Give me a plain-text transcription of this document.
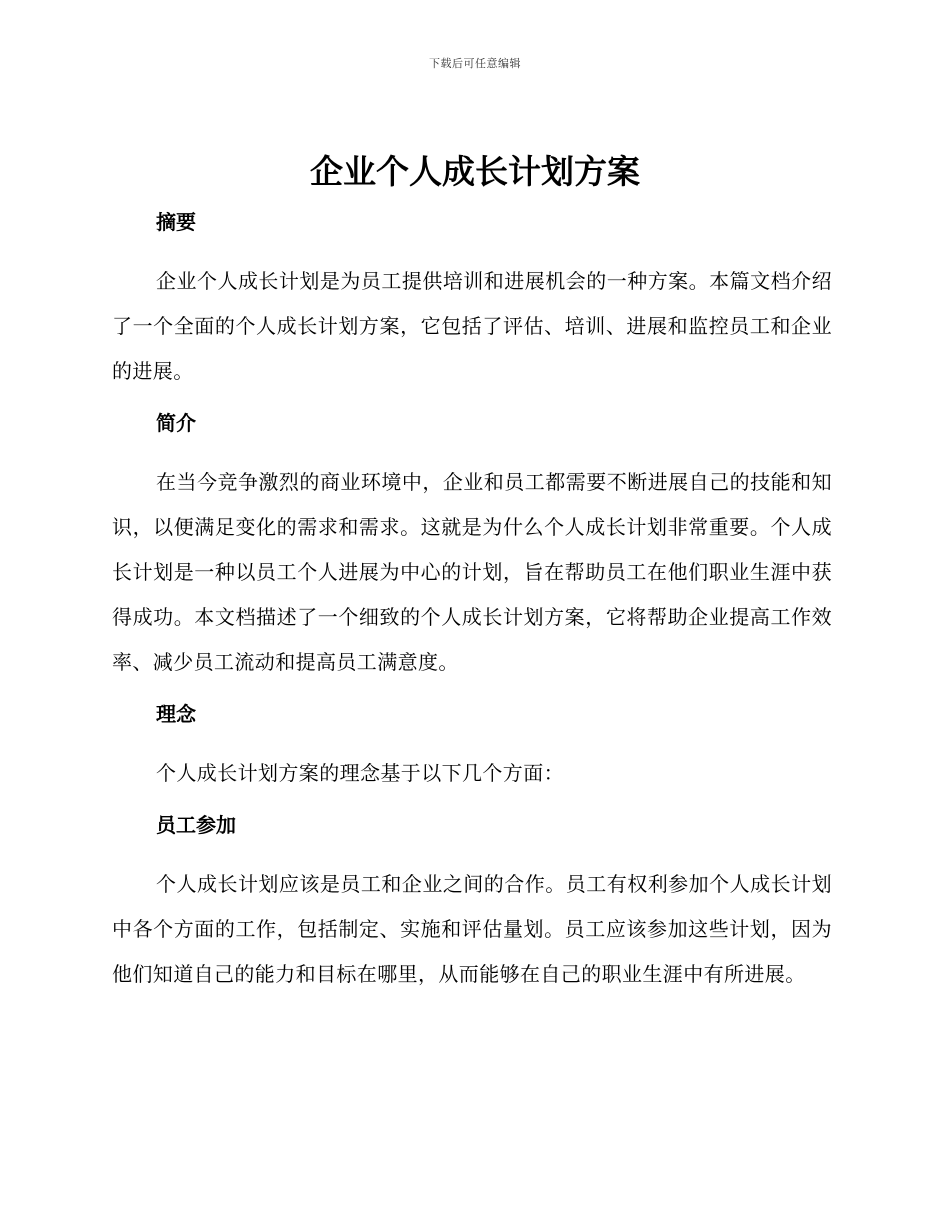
下载后可任意编辑
企业个人成长计划方案
摘要

企业个人成长计划是为员工提供培训和进展机会的一种方案。本篇文档介绍了一个全面的个人成长计划方案，它包括了评估、培训、进展和监控员工和企业的进展。

简介

在当今竞争激烈的商业环境中，企业和员工都需要不断进展自己的技能和知识，以便满足变化的需求和需求。这就是为什么个人成长计划非常重要。个人成长计划是一种以员工个人进展为中心的计划，旨在帮助员工在他们职业生涯中获得成功。本文档描述了一个细致的个人成长计划方案，它将帮助企业提高工作效率、减少员工流动和提高员工满意度。

理念

个人成长计划方案的理念基于以下几个方面：

员工参加

个人成长计划应该是员工和企业之间的合作。员工有权利参加个人成长计划中各个方面的工作，包括制定、实施和评估量划。员工应该参加这些计划，因为他们知道自己的能力和目标在哪里，从而能够在自己的职业生涯中有所进展。
